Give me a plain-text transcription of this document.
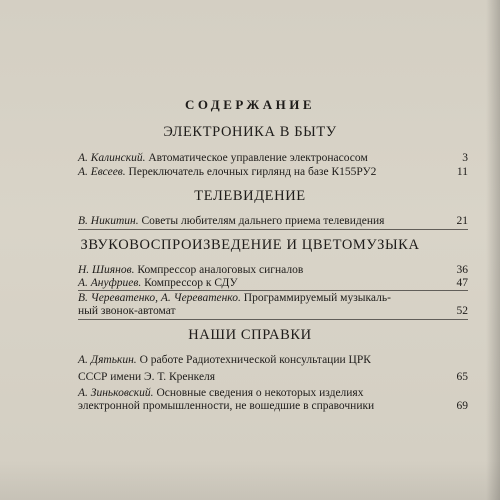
СОДЕРЖАНИЕ
ЭЛЕКТРОНИКА В БЫТУ
А. Калинский. Автоматическое управление электронасосом	3
А. Евсеев. Переключатель елочных гирлянд на базе К155РУ2	11
ТЕЛЕВИДЕНИЕ
В. Никитин. Советы любителям дальнего приема телевидения	21
ЗВУКОВОСПРОИЗВЕДЕНИЕ И ЦВЕТОМУЗЫКА
Н. Шиянов. Компрессор аналоговых сигналов	36
А. Ануфриев. Компрессор к СДУ	47
В. Череватенко, А. Череватенко. Программируемый музыкаль-
ный звонок-автомат	52
НАШИ СПРАВКИ
А. Дятькин. О работе Радиотехнической консультации ЦРК
СССР имени Э. Т. Кренкеля	65
А. Зиньковский. Основные сведения о некоторых изделиях
электронной промышленности, не вошедшие в справочники	69
